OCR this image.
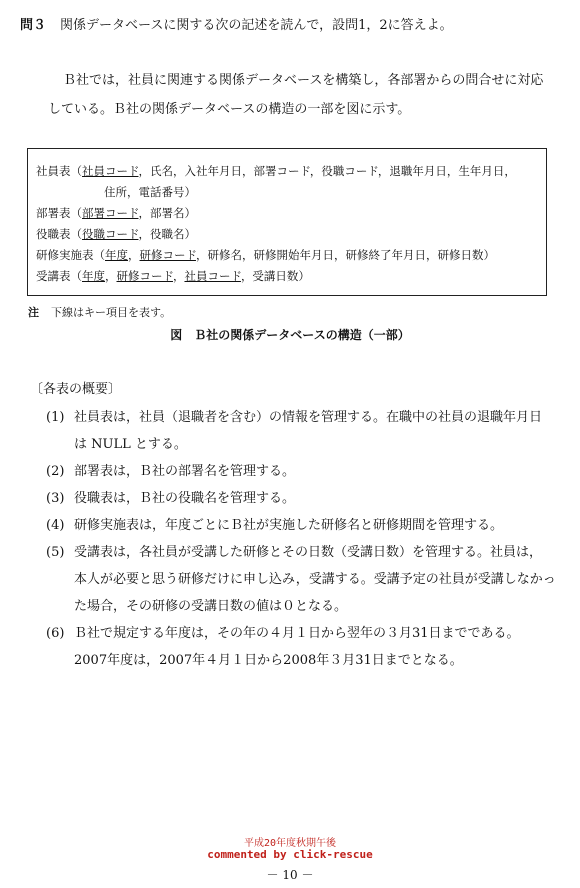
問３ 関係データベースに関する次の記述を読んで，設問1，2に答えよ。

Ｂ社では，社員に関連する関係データベースを構築し，各部署からの問合せに対応

している。Ｂ社の関係データベースの構造の一部を図に示す。
社員表（社員コード，氏名，入社年月日，部署コード，役職コード，退職年月日，生年月日，
住所，電話番号）
部署表（部署コード，部署名）
役職表（役職コード，役職名）
研修実施表（年度，研修コード，研修名，研修開始年月日，研修終了年月日，研修日数）
受講表（年度，研修コード，社員コード，受講日数）
注 下線はキー項目を表す。
図　Ｂ社の関係データベースの構造（一部）
〔各表の概要〕
(1) 社員表は，社員（退職者を含む）の情報を管理する。在職中の社員の退職年月日
は NULL とする。
(2) 部署表は，Ｂ社の部署名を管理する。
(3) 役職表は，Ｂ社の役職名を管理する。
(4) 研修実施表は，年度ごとにＢ社が実施した研修名と研修期間を管理する。
(5) 受講表は，各社員が受講した研修とその日数（受講日数）を管理する。社員は，
本人が必要と思う研修だけに申し込み，受講する。受講予定の社員が受講しなかっ
た場合，その研修の受講日数の値は０となる。
(6) Ｂ社で規定する年度は，その年の４月１日から翌年の３月31日までである。
2007年度は，2007年４月１日から2008年３月31日までとなる。
平成20年度秋期午後
commented by click-rescue
－ 10 －
